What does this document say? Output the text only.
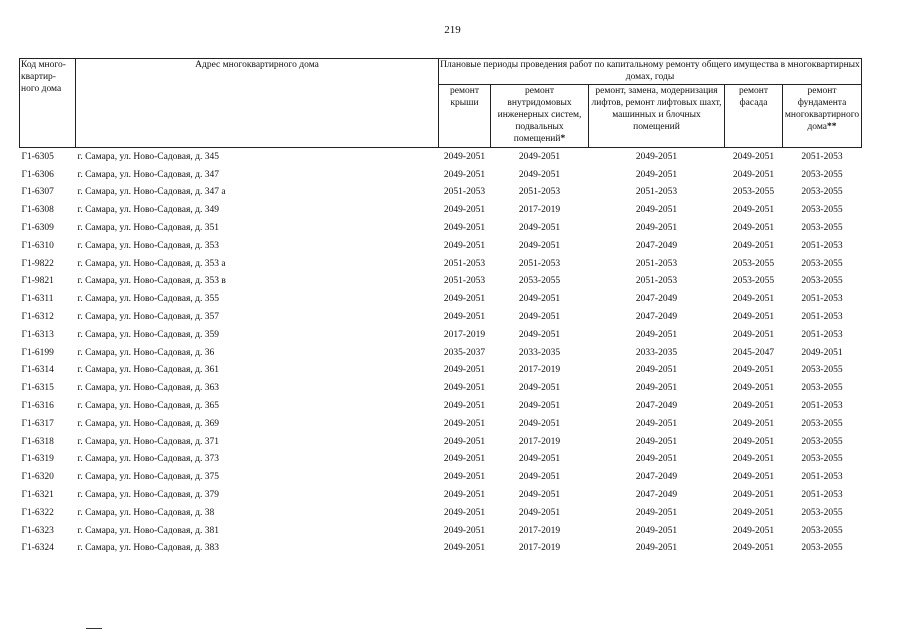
219
Код много-квартир-ного дома	Адрес многоквартирного дома	Плановые периоды проведения работ по капитальному ремонту общего имущества в многоквартирных домах, годы				
		ремонт крыши	ремонт внутридомовых инженерных систем, подвальных помещений*	ремонт, замена, модернизация лифтов, ремонт лифтовых шахт, машинных и блочных помещений	ремонт фасада	ремонт фундамента многоквартирного дома**
Г1-6305	г. Самара, ул. Ново-Садовая, д. 345	2049-2051	2049-2051	2049-2051	2049-2051	2051-2053
Г1-6306	г. Самара, ул. Ново-Садовая, д. 347	2049-2051	2049-2051	2049-2051	2049-2051	2053-2055
Г1-6307	г. Самара, ул. Ново-Садовая, д. 347 а	2051-2053	2051-2053	2051-2053	2053-2055	2053-2055
Г1-6308	г. Самара, ул. Ново-Садовая, д. 349	2049-2051	2017-2019	2049-2051	2049-2051	2053-2055
Г1-6309	г. Самара, ул. Ново-Садовая, д. 351	2049-2051	2049-2051	2049-2051	2049-2051	2053-2055
Г1-6310	г. Самара, ул. Ново-Садовая, д. 353	2049-2051	2049-2051	2047-2049	2049-2051	2051-2053
Г1-9822	г. Самара, ул. Ново-Садовая, д. 353 а	2051-2053	2051-2053	2051-2053	2053-2055	2053-2055
Г1-9821	г. Самара, ул. Ново-Садовая, д. 353 в	2051-2053	2053-2055	2051-2053	2053-2055	2053-2055
Г1-6311	г. Самара, ул. Ново-Садовая, д. 355	2049-2051	2049-2051	2047-2049	2049-2051	2051-2053
Г1-6312	г. Самара, ул. Ново-Садовая, д. 357	2049-2051	2049-2051	2047-2049	2049-2051	2051-2053
Г1-6313	г. Самара, ул. Ново-Садовая, д. 359	2017-2019	2049-2051	2049-2051	2049-2051	2051-2053
Г1-6199	г. Самара, ул. Ново-Садовая, д. 36	2035-2037	2033-2035	2033-2035	2045-2047	2049-2051
Г1-6314	г. Самара, ул. Ново-Садовая, д. 361	2049-2051	2017-2019	2049-2051	2049-2051	2053-2055
Г1-6315	г. Самара, ул. Ново-Садовая, д. 363	2049-2051	2049-2051	2049-2051	2049-2051	2053-2055
Г1-6316	г. Самара, ул. Ново-Садовая, д. 365	2049-2051	2049-2051	2047-2049	2049-2051	2051-2053
Г1-6317	г. Самара, ул. Ново-Садовая, д. 369	2049-2051	2049-2051	2049-2051	2049-2051	2053-2055
Г1-6318	г. Самара, ул. Ново-Садовая, д. 371	2049-2051	2017-2019	2049-2051	2049-2051	2053-2055
Г1-6319	г. Самара, ул. Ново-Садовая, д. 373	2049-2051	2049-2051	2049-2051	2049-2051	2053-2055
Г1-6320	г. Самара, ул. Ново-Садовая, д. 375	2049-2051	2049-2051	2047-2049	2049-2051	2051-2053
Г1-6321	г. Самара, ул. Ново-Садовая, д. 379	2049-2051	2049-2051	2047-2049	2049-2051	2051-2053
Г1-6322	г. Самара, ул. Ново-Садовая, д. 38	2049-2051	2049-2051	2049-2051	2049-2051	2053-2055
Г1-6323	г. Самара, ул. Ново-Садовая, д. 381	2049-2051	2017-2019	2049-2051	2049-2051	2053-2055
Г1-6324	г. Самара, ул. Ново-Садовая, д. 383	2049-2051	2017-2019	2049-2051	2049-2051	2053-2055
